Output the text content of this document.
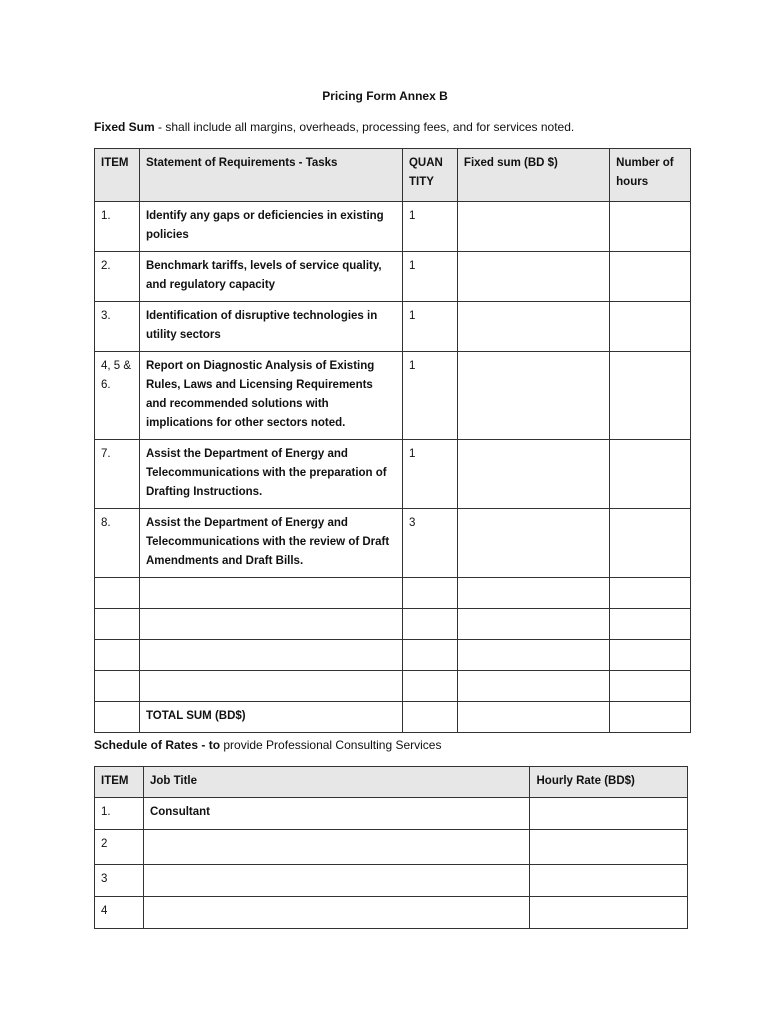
Pricing Form Annex B
Fixed Sum - shall include all margins, overheads, processing fees, and for services noted.
ITEM	Statement of Requirements - Tasks	QUAN TITY	Fixed sum (BD $)	Number of hours
1.	Identify any gaps or deficiencies in existing policies	1		
2.	Benchmark tariffs, levels of service quality, and regulatory capacity	1		
3.	Identification of disruptive technologies in utility sectors	1		
4, 5 & 6.	Report on Diagnostic Analysis of Existing Rules, Laws and Licensing Requirements and recommended solutions with implications for other sectors noted.	1		
7.	Assist the Department of Energy and Telecommunications with the preparation of Drafting Instructions.	1		
8.	Assist the Department of Energy and Telecommunications with the review of Draft Amendments and Draft Bills.	3		

	TOTAL SUM (BD$)			
Schedule of Rates - to provide Professional Consulting Services
ITEM	Job Title	Hourly Rate (BD$)
1.	Consultant	
2		
3		
4		
